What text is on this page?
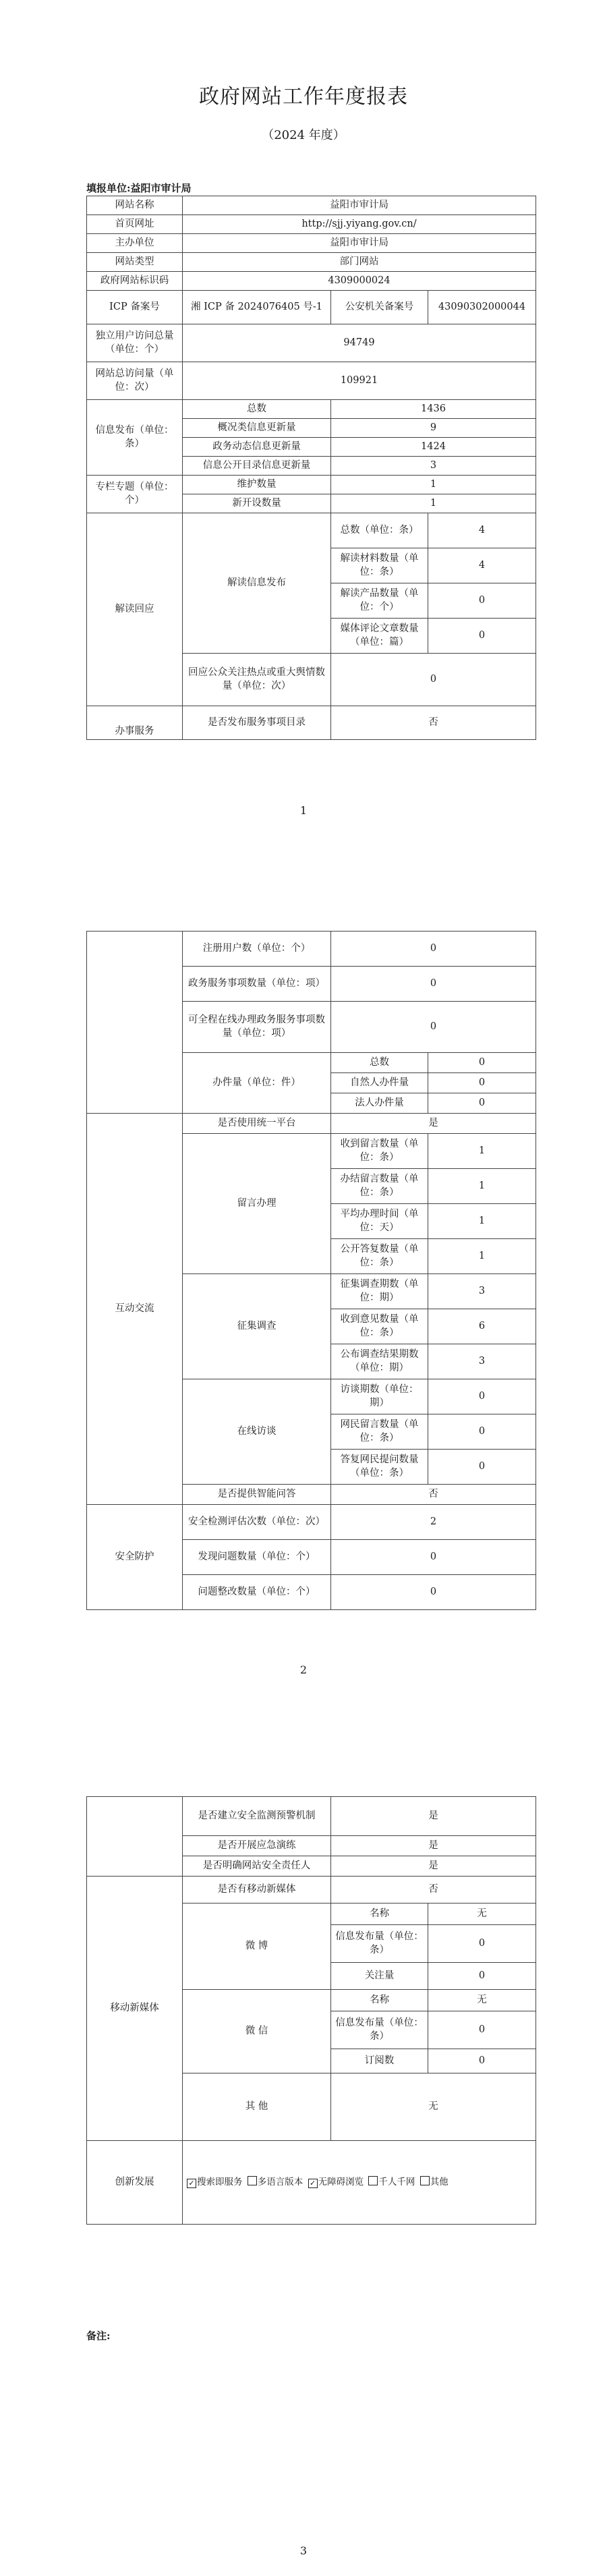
政府网站工作年度报表
（2024 年度）
填报单位:益阳市审计局
网站名称	益阳市审计局		
首页网址	http://sjj.yiyang.gov.cn/		
主办单位	益阳市审计局		
网站类型	部门网站		
政府网站标识码	4309000024		
ICP 备案号	湘 ICP 备 2024076405 号-1	公安机关备案号	43090302000044
独立用户访问总量（单位：个）	94749		
网站总访问量（单位：次）	109921		
信息发布（单位：条）	总数	1436	
	概况类信息更新量	9	
	政务动态信息更新量	1424	
	信息公开目录信息更新量	3	
专栏专题（单位：个）	维护数量	1	
	新开设数量	1	
解读回应	解读信息发布	总数（单位：条）	4
		解读材料数量（单位：条）	4
		解读产品数量（单位：个）	0
		媒体评论文章数量（单位：篇）	0
	回应公众关注热点或重大舆情数量（单位：次）	0	
办事服务	是否发布服务事项目录	否	
1
	注册用户数（单位：个）	0	
	政务服务事项数量（单位：项）	0	
	可全程在线办理政务服务事项数量（单位：项）	0	
	办件量（单位：件）	总数	0
		自然人办件量	0
		法人办件量	0
互动交流	是否使用统一平台	是	
	留言办理	收到留言数量（单位：条）	1
		办结留言数量（单位：条）	1
		平均办理时间（单位：天）	1
		公开答复数量（单位：条）	1
	征集调查	征集调查期数（单位：期）	3
		收到意见数量（单位：条）	6
		公布调查结果期数（单位：期）	3
	在线访谈	访谈期数（单位：期）	0
		网民留言数量（单位：条）	0
		答复网民提问数量（单位：条）	0
	是否提供智能问答	否	
安全防护	安全检测评估次数（单位：次）	2	
	发现问题数量（单位：个）	0	
	问题整改数量（单位：个）	0	
2
	是否建立安全监测预警机制	是	
	是否开展应急演练	是	
	是否明确网站安全责任人	是	
移动新媒体	是否有移动新媒体	否	
	微 博	名称	无
		信息发布量（单位：条）	0
		关注量	0
	微 信	名称	无
		信息发布量（单位：条）	0
		订阅数	0
	其 他	无	
创新发展	✓搜索即服务 多语言版本 ✓ 无障碍浏览 千人千网 其他
备注:
3
